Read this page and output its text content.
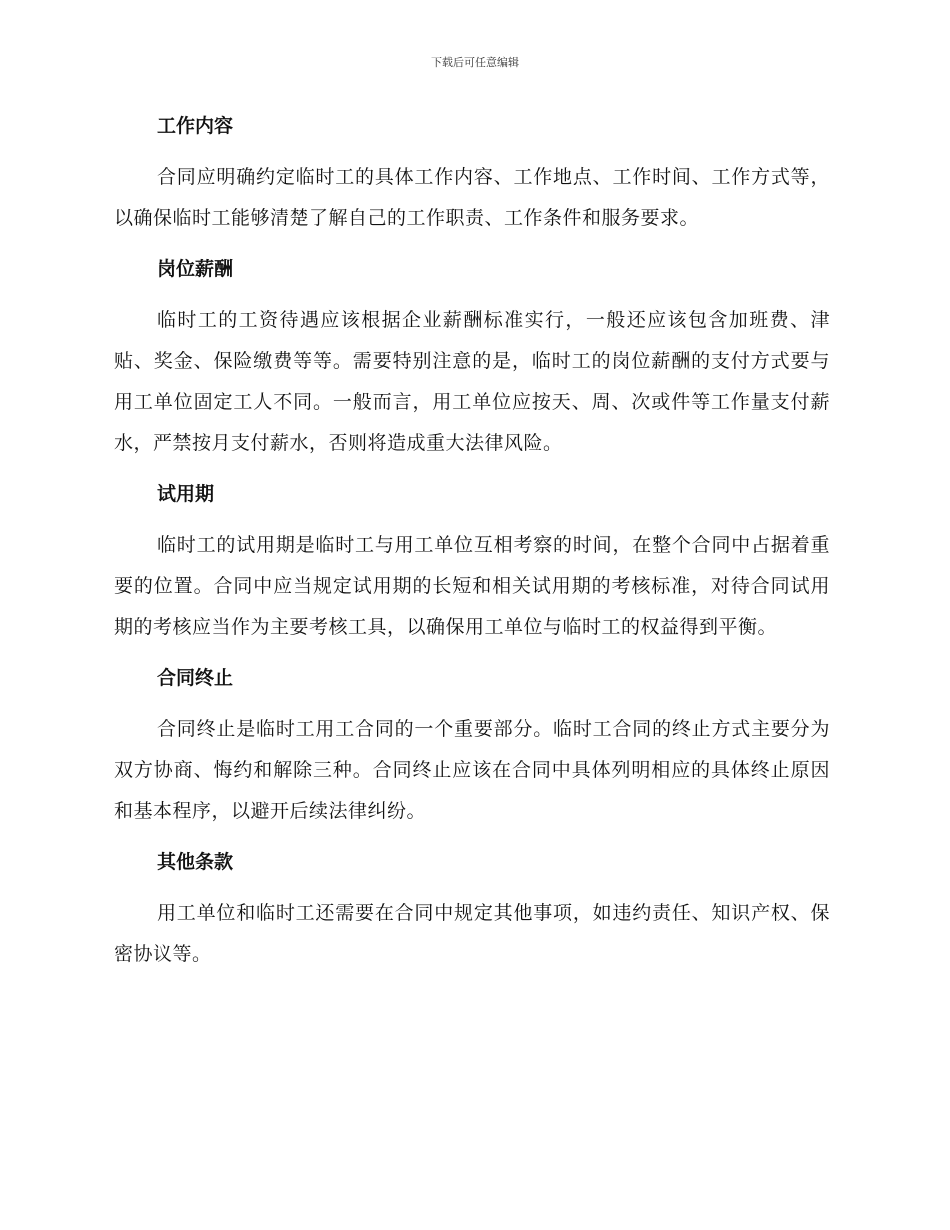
下载后可任意编辑
工作内容

合同应明确约定临时工的具体工作内容、工作地点、工作时间、工作方式等，以确保临时工能够清楚了解自己的工作职责、工作条件和服务要求。

岗位薪酬

临时工的工资待遇应该根据企业薪酬标准实行，一般还应该包含加班费、津贴、奖金、保险缴费等等。需要特别注意的是，临时工的岗位薪酬的支付方式要与用工单位固定工人不同。一般而言，用工单位应按天、周、次或件等工作量支付薪水，严禁按月支付薪水，否则将造成重大法律风险。

试用期

临时工的试用期是临时工与用工单位互相考察的时间，在整个合同中占据着重要的位置。合同中应当规定试用期的长短和相关试用期的考核标准，对待合同试用期的考核应当作为主要考核工具，以确保用工单位与临时工的权益得到平衡。

合同终止

合同终止是临时工用工合同的一个重要部分。临时工合同的终止方式主要分为双方协商、悔约和解除三种。合同终止应该在合同中具体列明相应的具体终止原因和基本程序，以避开后续法律纠纷。

其他条款

用工单位和临时工还需要在合同中规定其他事项，如违约责任、知识产权、保密协议等。
